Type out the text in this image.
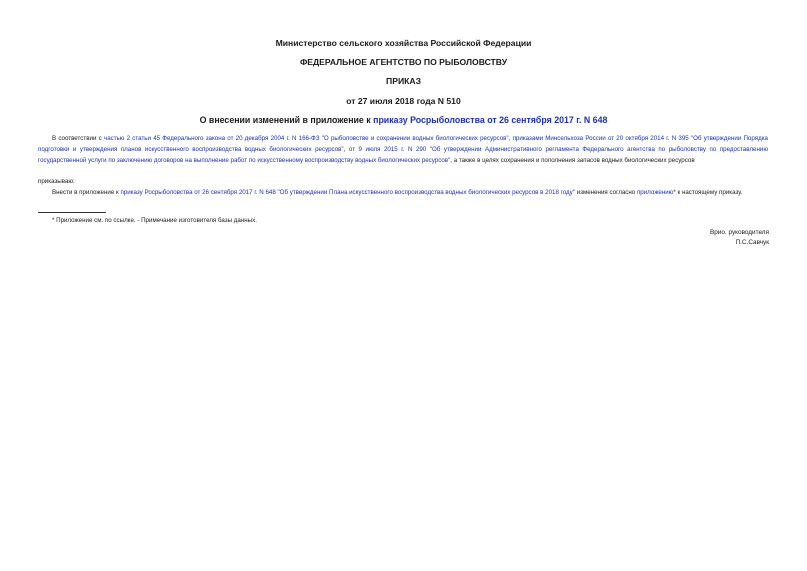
Министерство сельского хозяйства Российской Федерации
ФЕДЕРАЛЬНОЕ АГЕНТСТВО ПО РЫБОЛОВСТВУ
ПРИКАЗ
от 27 июля 2018 года N 510
О внесении изменений в приложение к приказу Росрыболовства от 26 сентября 2017 г. N 648
В соответствии с частью 2 статьи 45 Федерального закона от 20 декабря 2004 г. N 166-ФЗ "О рыболовстве и сохранении водных биологических ресурсов", приказами Минсельхоза России от 20 октября 2014 г. N 395 "Об утверждении Порядка подготовки и утверждения планов искусственного воспроизводства водных биологических ресурсов", от 9 июля 2015 г. N 290 "Об утверждении Административного регламента Федерального агентства по рыболовству по предоставлению государственной услуги по заключению договоров на выполнение работ по искусственному воспроизводству водных биологических ресурсов", а также в целях сохранения и пополнения запасов водных биологических ресурсов
приказываю:
Внести в приложение к приказу Росрыболовства от 26 сентября 2017 г. N 648 "Об утверждении Плана искусственного воспроизводства водных биологических ресурсов в 2018 году" изменения согласно приложению* к настоящему приказу.
* Приложение см. по ссылке. - Примечание изготовителя базы данных.
Врио. руководителя
П.С.Савчук
